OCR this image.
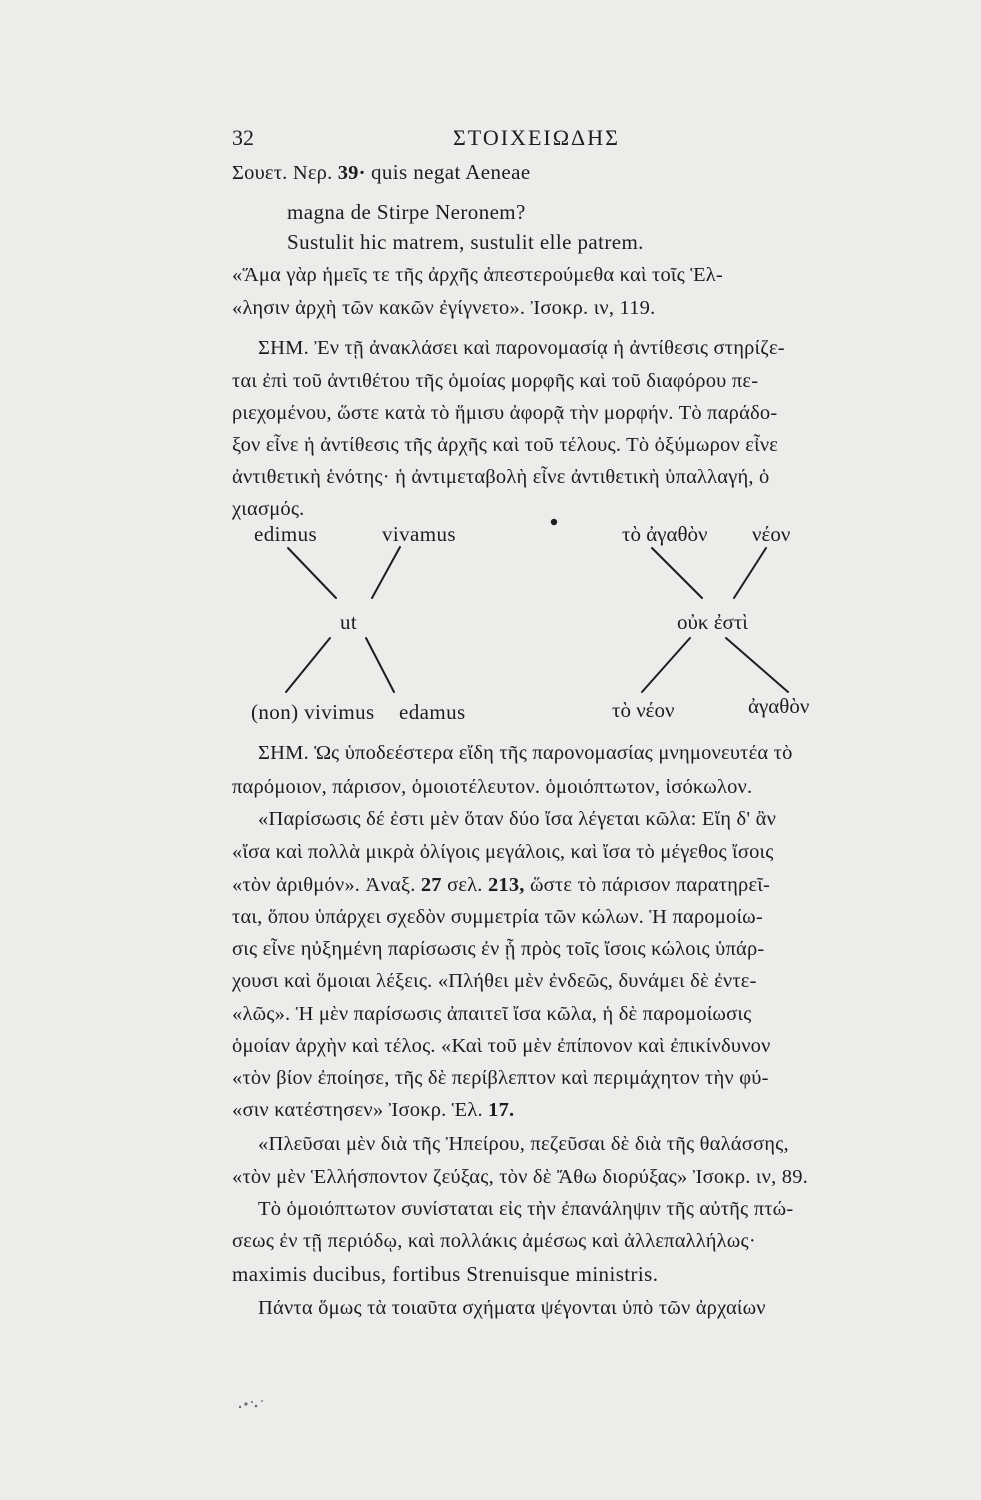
32	ΣΤΟΙΧΕΙΩΔΗΣ
Σουετ. Νερ. 39· quis negat Aeneae
magna de Stirpe Neronem?
Sustulit hic matrem, sustulit elle patrem.
«Ἅμα γὰρ ἡμεῖς τε τῆς ἀρχῆς ἀπεστερούμεθα καὶ τοῖς Ἑλ-
«λησιν ἀρχὴ τῶν κακῶν ἐγίγνετο». Ἰσοκρ. ιν, 119.
ΣΗΜ. Ἐν τῇ ἀνακλάσει καὶ παρονομασίᾳ ἡ ἀντίθεσις στηρίζε-
ται ἐπὶ τοῦ ἀντιθέτου τῆς ὁμοίας μορφῆς καὶ τοῦ διαφόρου πε-
ριεχομένου, ὥστε κατὰ τὸ ἥμισυ ἀφορᾷ τὴν μορφήν. Τὸ παράδο-
ξον εἶνε ἡ ἀντίθεσις τῆς ἀρχῆς καὶ τοῦ τέλους. Τὸ ὀξύμωρον εἶνε
ἀντιθετικὴ ἑνότης· ἡ ἀντιμεταβολὴ εἶνε ἀντιθετικὴ ὑπαλλαγή, ὁ
χιασμός.
edimus	vivamus
ut
(non) vivimus edamus
τὸ ἀγαθὸν νέον
οὐκ ἐστὶ
τὸ νέον	ἀγαθὸν
ΣΗΜ. Ὡς ὑποδεέστερα εἴδη τῆς παρονομασίας μνημονευτέα τὸ
παρόμοιον, πάρισον, ὁμοιοτέλευτον. ὁμοιόπτωτον, ἰσόκωλον.
«Παρίσωσις δέ ἐστι μὲν ὅταν δύο ἴσα λέγεται κῶλα: Εἴη δ' ἂν
«ἴσα καὶ πολλὰ μικρὰ ὀλίγοις μεγάλοις, καὶ ἴσα τὸ μέγεθος ἴσοις
«τὸν ἀριθμόν». Ἀναξ. 27 σελ. 213, ὥστε τὸ πάρισον παρατηρεῖ-
ται, ὅπου ὑπάρχει σχεδὸν συμμετρία τῶν κώλων. Ἡ παρομοίω-
σις εἶνε ηὐξημένη παρίσωσις ἐν ᾗ πρὸς τοῖς ἴσοις κώλοις ὑπάρ-
χουσι καὶ ὅμοιαι λέξεις. «Πλήθει μὲν ἐνδεῶς, δυνάμει δὲ ἐντε-
«λῶς». Ἡ μὲν παρίσωσις ἀπαιτεῖ ἴσα κῶλα, ἡ δὲ παρομοίωσις
ὁμοίαν ἀρχὴν καὶ τέλος. «Καὶ τοῦ μὲν ἐπίπονον καὶ ἐπικίνδυνον
«τὸν βίον ἐποίησε, τῆς δὲ περίβλεπτον καὶ περιμάχητον τὴν φύ-
«σιν κατέστησεν» Ἰσοκρ. Ἑλ. 17.
«Πλεῦσαι μὲν διὰ τῆς Ἠπείρου, πεζεῦσαι δὲ διὰ τῆς θαλάσσης,
«τὸν μὲν Ἑλλήσποντον ζεύξας, τὸν δὲ Ἄθω διορύξας» Ἰσοκρ. ιν, 89.
Τὸ ὁμοιόπτωτον συνίσταται εἰς τὴν ἐπανάληψιν τῆς αὐτῆς πτώ-
σεως ἐν τῇ περιόδῳ, καὶ πολλάκις ἀμέσως καὶ ἀλλεπαλλήλως·
maximis ducibus, fortibus Strenuisque ministris.
Πάντα ὅμως τὰ τοιαῦτα σχήματα ψέγονται ὑπὸ τῶν ἀρχαίων
